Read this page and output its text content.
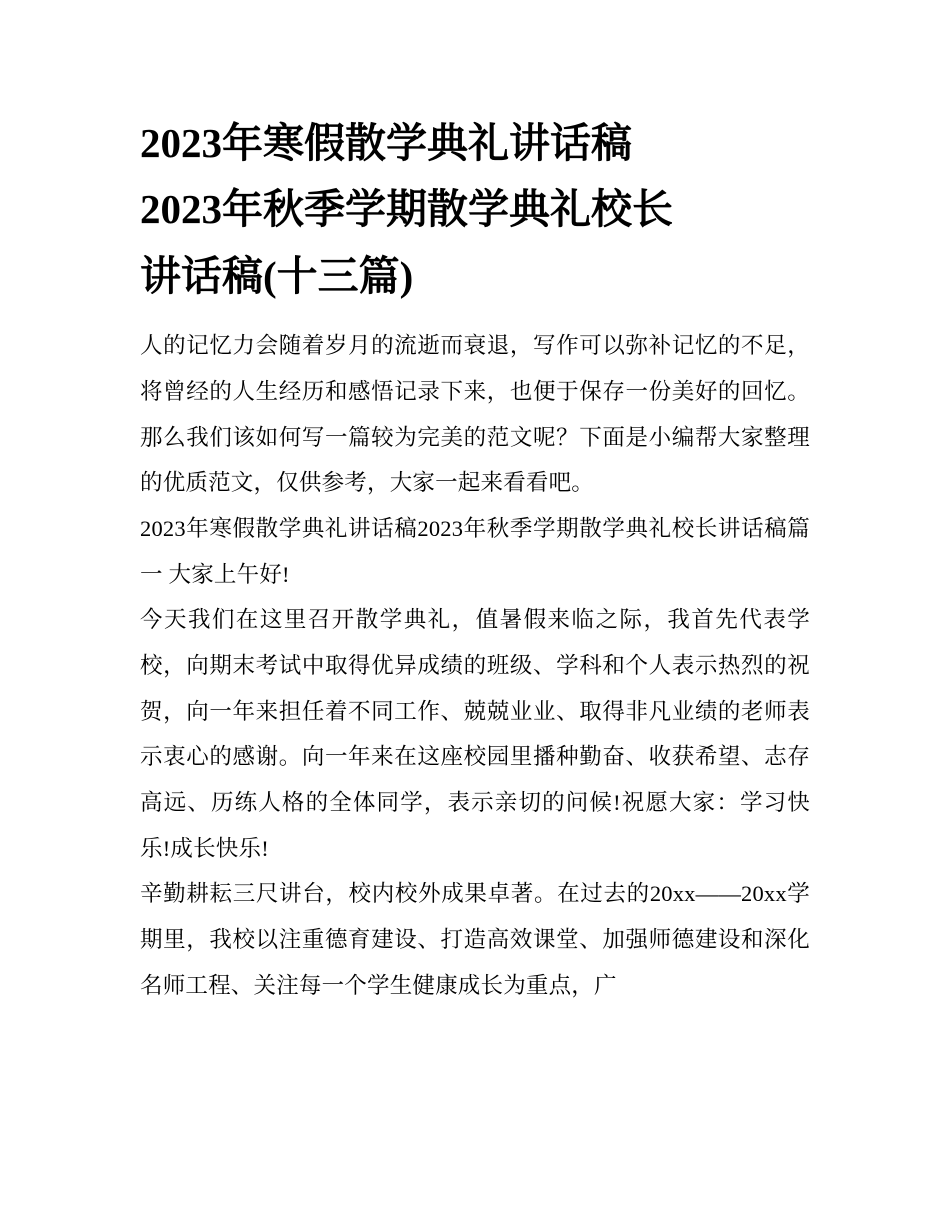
2023年寒假散学典礼讲话稿
2023年秋季学期散学典礼校长
讲话稿(十三篇)

人的记忆力会随着岁月的流逝而衰退，写作可以弥补记忆的不足，将曾经的人生经历和感悟记录下来，也便于保存一份美好的回忆。那么我们该如何写一篇较为完美的范文呢？下面是小编帮大家整理的优质范文，仅供参考，大家一起来看看吧。

2023年寒假散学典礼讲话稿2023年秋季学期散学典礼校长讲话稿篇一 大家上午好!

今天我们在这里召开散学典礼，值暑假来临之际，我首先代表学校，向期末考试中取得优异成绩的班级、学科和个人表示热烈的祝贺，向一年来担任着不同工作、兢兢业业、取得非凡业绩的老师表示衷心的感谢。向一年来在这座校园里播种勤奋、收获希望、志存高远、历练人格的全体同学，表示亲切的问候!祝愿大家：学习快乐!成长快乐!

辛勤耕耘三尺讲台，校内校外成果卓著。在过去的20xx——20xx学期里，我校以注重德育建设、打造高效课堂、加强师德建设和深化名师工程、关注每一个学生健康成长为重点，广
